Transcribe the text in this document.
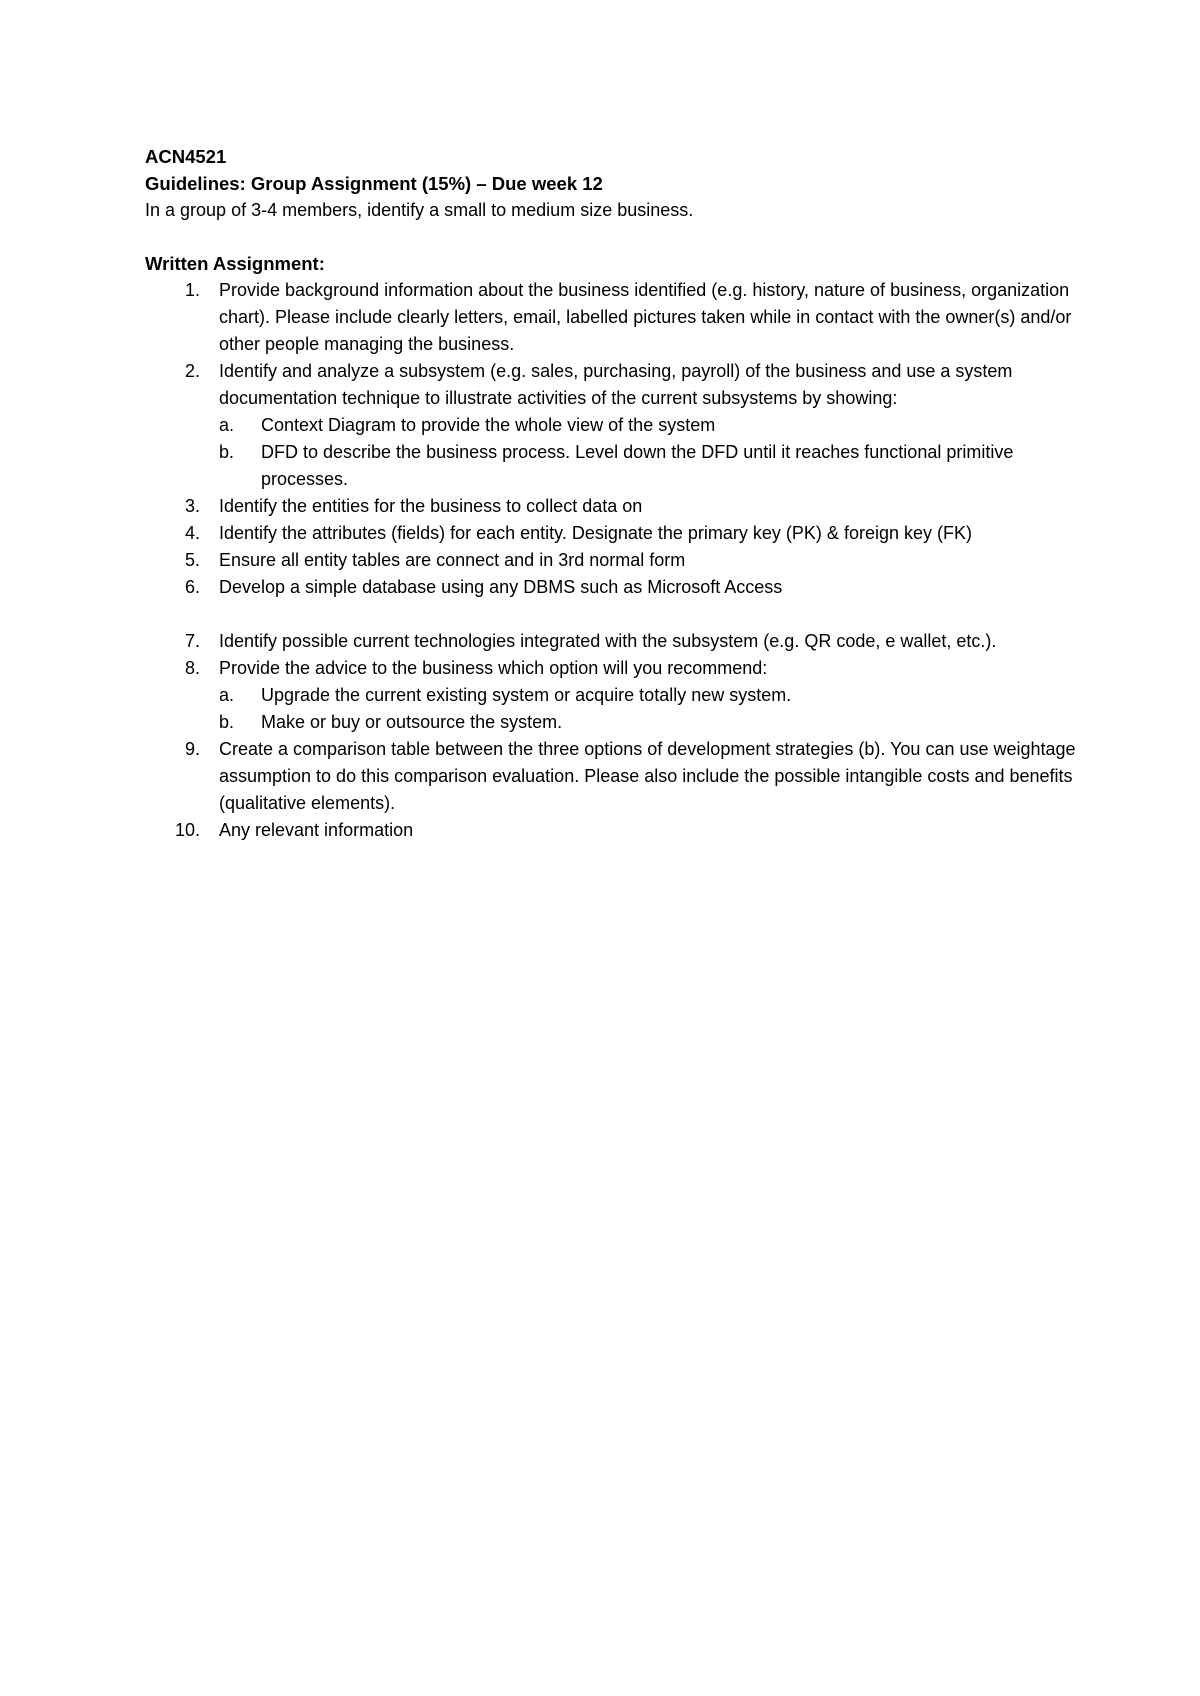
ACN4521
Guidelines: Group Assignment (15%) – Due week 12

In a group of 3-4 members, identify a small to medium size business.

Written Assignment:
1. Provide background information about the business identified (e.g. history, nature of business, organization chart). Please include clearly letters, email, labelled pictures taken while in contact with the owner(s) and/or other people managing the business.
2. Identify and analyze a subsystem (e.g. sales, purchasing, payroll) of the business and use a system documentation technique to illustrate activities of the current subsystems by showing:
a. Context Diagram to provide the whole view of the system
b. DFD to describe the business process. Level down the DFD until it reaches functional primitive processes.
3. Identify the entities for the business to collect data on
4. Identify the attributes (fields) for each entity. Designate the primary key (PK) & foreign key (FK)
5. Ensure all entity tables are connect and in 3rd normal form
6. Develop a simple database using any DBMS such as Microsoft Access
7. Identify possible current technologies integrated with the subsystem (e.g. QR code, e wallet, etc.).
8. Provide the advice to the business which option will you recommend:
a. Upgrade the current existing system or acquire totally new system.
b. Make or buy or outsource the system.
9. Create a comparison table between the three options of development strategies (b). You can use weightage assumption to do this comparison evaluation. Please also include the possible intangible costs and benefits (qualitative elements).
10. Any relevant information
